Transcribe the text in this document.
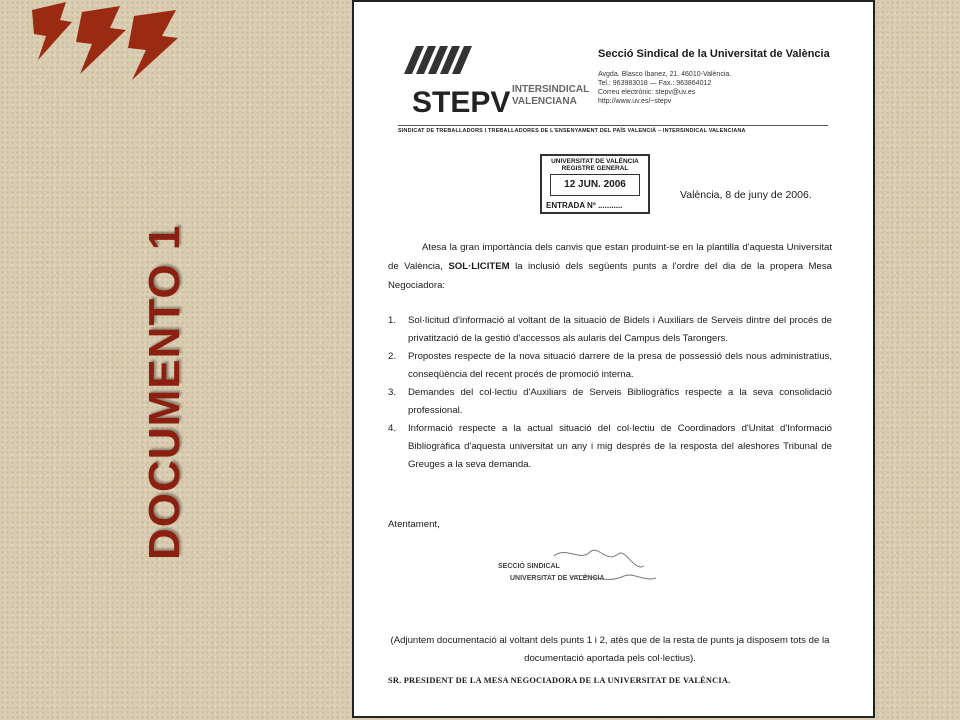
DOCUMENTO 1
STEPV INTERSINDICAL
VALENCIANA
Secció Sindical de la Universitat de València
Avgda. Blasco Ibanez, 21. 46010-València.
Tel.: 963983018 — Fax.: 963864012
Correu electrònic: stepv@uv.es
http://www.uv.es/~stepv
SINDICAT DE TREBALLADORS I TREBALLADORES DE L'ENSENYAMENT DEL PAÍS VALENCIÀ – INTERSINDICAL VALENCIANA
UNIVERSITAT DE VALÈNCIA
REGISTRE GENERAL
12 JUN. 2006
ENTRADA Nº ...........
València, 8 de juny de 2006.
Atesa la gran importància dels canvis que estan produint-se en la plantilla d'aquesta Universitat de València, SOL·LICITEM la inclusió dels següents punts a l'ordre del dia de la propera Mesa Negociadora:
1.	Sol·licitud d'informació al voltant de la situació de Bidels i Auxiliars de Serveis dintre del procés de privatització de la gestió d'accessos als aularis del Campus dels Tarongers.
2.	Propostes respecte de la nova situació darrere de la presa de possessió dels nous administratius, conseqüència del recent procés de promoció interna.
3.	Demandes del col·lectiu d'Auxiliars de Serveis Bibliogràfics respecte a la seva consolidació professional.
4.	Informació respecte a la actual situació del col·lectiu de Coordinadors d'Unitat d'Informació Bibliogràfica d'aquesta universitat un any i mig després de la resposta del aleshores Tribunal de Greuges a la seva demanda.
Atentament,
SECCIÓ SINDICAL
UNIVERSITAT DE VALÈNCIA
(Adjuntem documentació al voltant dels punts 1 i 2, atès que de la resta de punts ja disposem tots de la documentació aportada pels col·lectius).
SR. PRESIDENT DE LA MESA NEGOCIADORA DE LA UNIVERSITAT DE VALÈNCIA.
